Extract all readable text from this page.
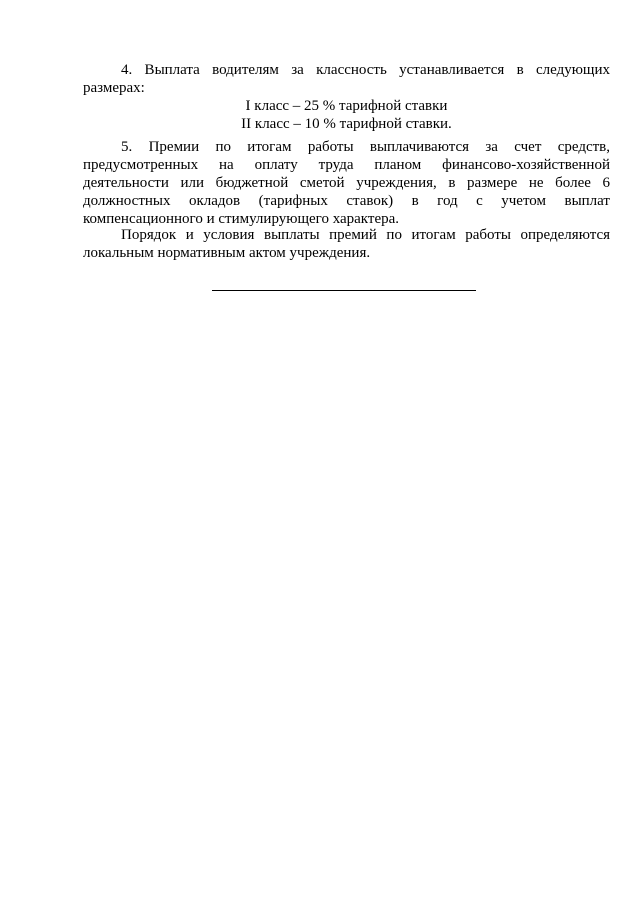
4. Выплата водителям за классность устанавливается в следующих
размерах:
I класс – 25 % тарифной ставки
II класс – 10 % тарифной ставки.
5. Премии по итогам работы выплачиваются за счет средств,
предусмотренных на оплату труда планом финансово-хозяйственной
деятельности или бюджетной сметой учреждения, в размере не более 6
должностных окладов (тарифных ставок) в год с учетом выплат
компенсационного и стимулирующего характера.
Порядок и условия выплаты премий по итогам работы определяются
локальным нормативным актом учреждения.
